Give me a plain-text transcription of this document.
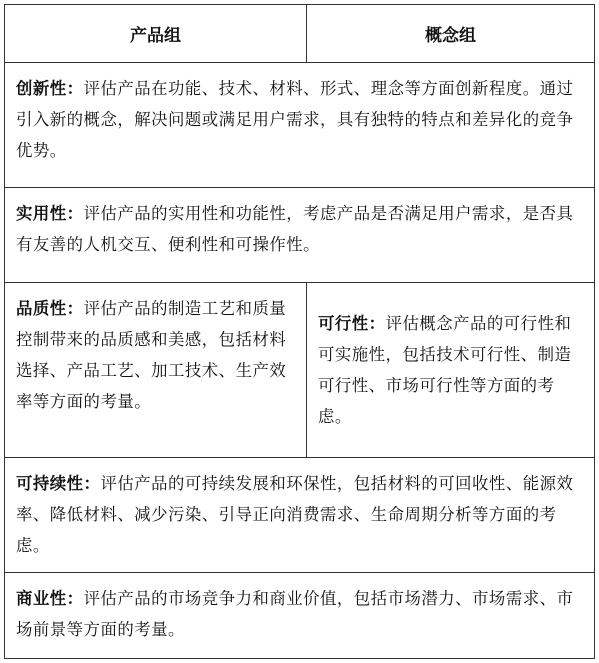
产品组	概念组
创新性：评估产品在功能、技术、材料、形式、理念等方面创新程度。通过引入新的概念，解决问题或满足用户需求，具有独特的特点和差异化的竞争优势。
实用性：评估产品的实用性和功能性，考虑产品是否满足用户需求，是否具有友善的人机交互、便利性和可操作性。
品质性：评估产品的制造工艺和质量控制带来的品质感和美感，包括材料选择、产品工艺、加工技术、生产效率等方面的考量。
可行性：评估概念产品的可行性和可实施性，包括技术可行性、制造可行性、市场可行性等方面的考虑。
可持续性：评估产品的可持续发展和环保性，包括材料的可回收性、能源效率、降低材料、减少污染、引导正向消费需求、生命周期分析等方面的考虑。
商业性：评估产品的市场竞争力和商业价值，包括市场潜力、市场需求、市场前景等方面的考量。
